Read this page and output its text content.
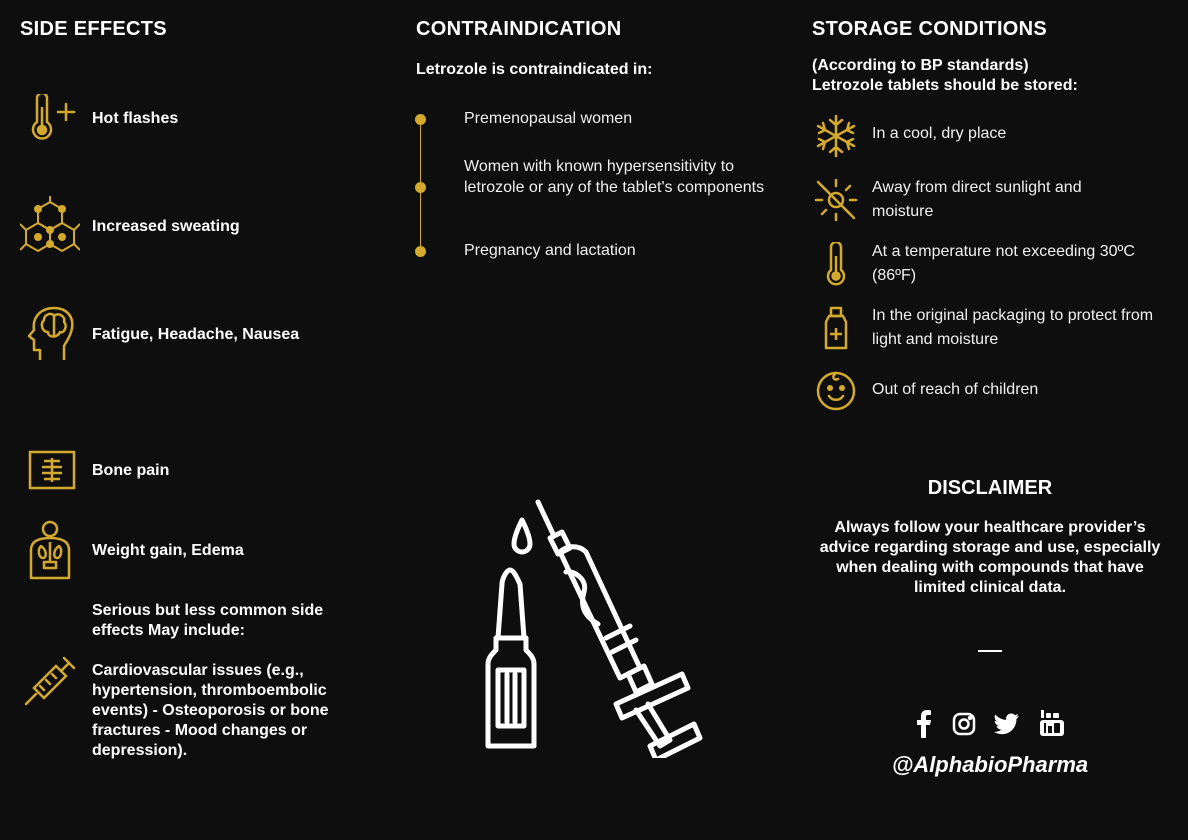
SIDE EFFECTS
Hot flashes
Increased sweating
Fatigue, Headache, Nausea
Bone pain
Weight gain, Edema
Serious but less common side effects May include:
Cardiovascular issues (e.g., hypertension, thromboembolic events) - Osteoporosis or bone fractures - Mood changes or depression).
CONTRAINDICATION
Letrozole is contraindicated in:
Premenopausal women
Women with known hypersensitivity to letrozole or any of the tablet's components
Pregnancy and lactation
STORAGE CONDITIONS
(According to BP standards)
Letrozole tablets should be stored:
In a cool, dry place
Away from direct sunlight and moisture
At a temperature not exceeding 30ºC (86ºF)
In the original packaging to protect from light and moisture
Out of reach of children
DISCLAIMER
Always follow your healthcare provider’s advice regarding storage and use, especially when dealing with compounds that have limited clinical data.
@AlphabioPharma
